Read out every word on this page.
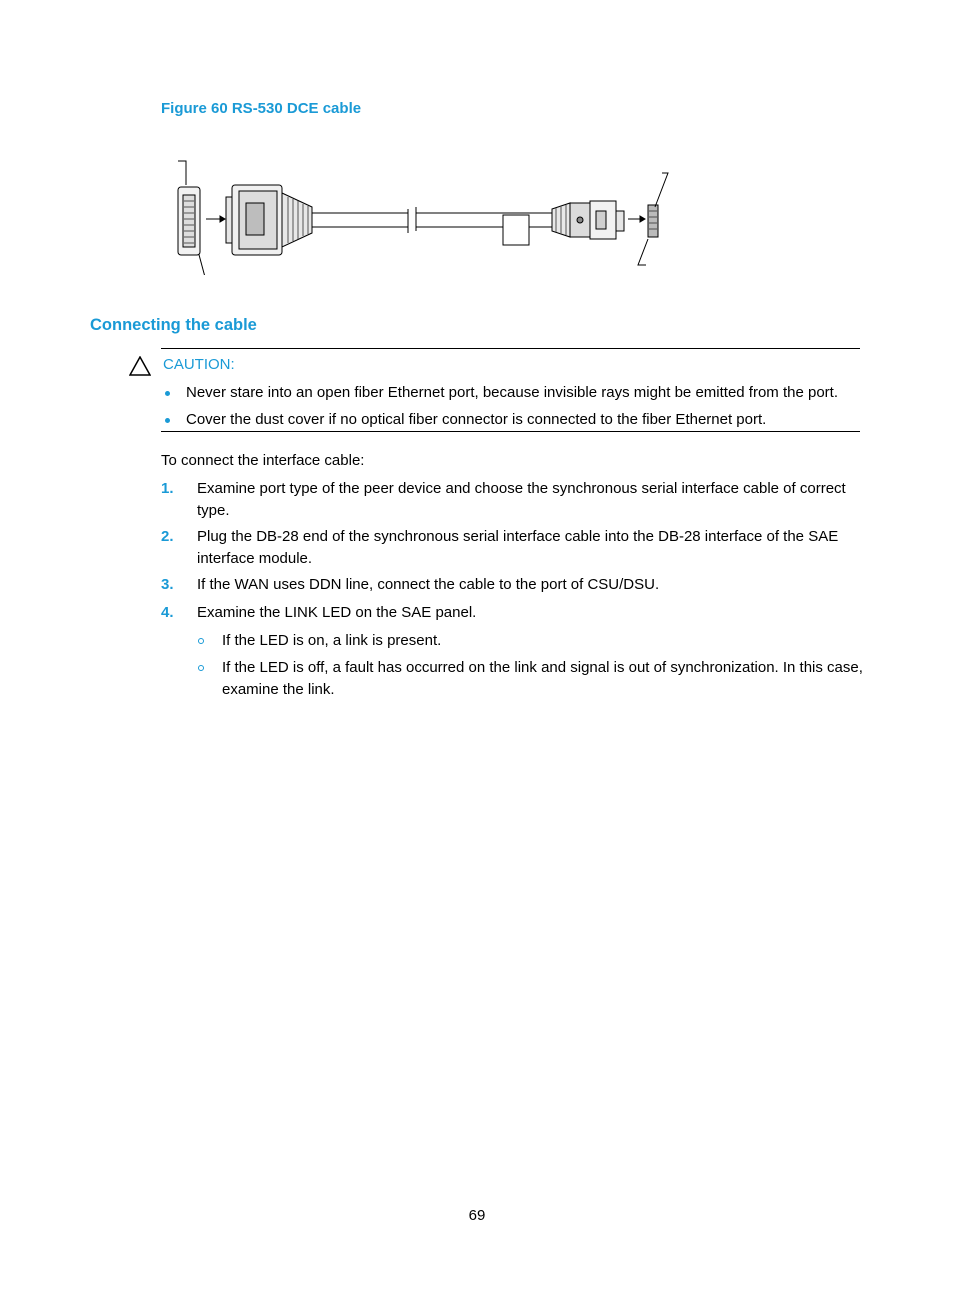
Figure 60 RS-530 DCE cable
Connecting the cable
CAUTION:
Never stare into an open fiber Ethernet port, because invisible rays might be emitted from the port.
Cover the dust cover if no optical fiber connector is connected to the fiber Ethernet port.
To connect the interface cable:
1. Examine port type of the peer device and choose the synchronous serial interface cable of correct type.
2. Plug the DB-28 end of the synchronous serial interface cable into the DB-28 interface of the SAE interface module.
3. If the WAN uses DDN line, connect the cable to the port of CSU/DSU.
4. Examine the LINK LED on the SAE panel.
If the LED is on, a link is present.
If the LED is off, a fault has occurred on the link and signal is out of synchronization. In this case, examine the link.
69
